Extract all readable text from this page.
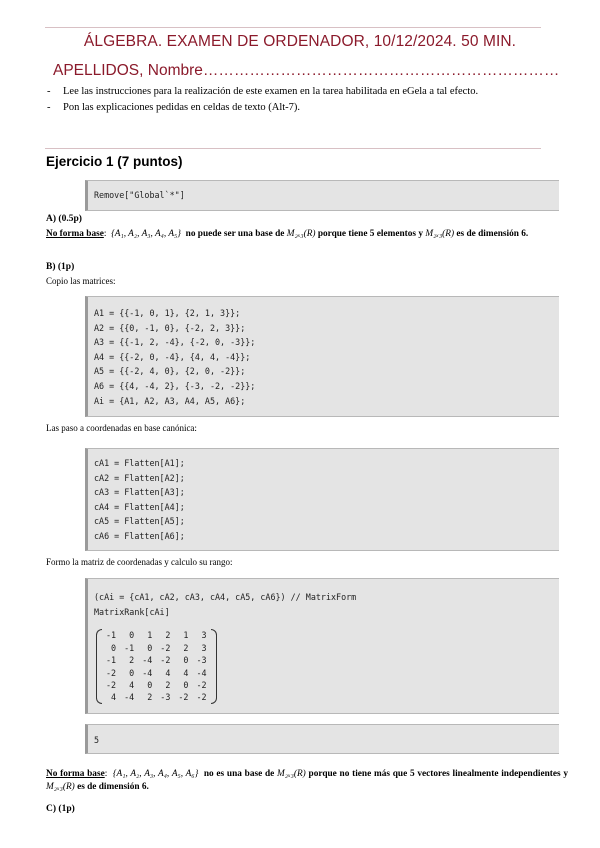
ÁLGEBRA. EXAMEN DE ORDENADOR, 10/12/2024. 50 MIN.
APELLIDOS, Nombre……………………………………………………………
- Lee las instrucciones para la realización de este examen en la tarea habilitada en eGela a tal efecto.
- Pon las explicaciones pedidas en celdas de texto (Alt-7).
Ejercicio 1 (7 puntos)
Remove["Global`*"]
A) (0.5p)
No forma base:  {A₁, A₂, A₃, A₄, A₅} no puede ser una base de M₂ₓ₃(R) porque tiene 5 elementos y M₂ₓ₃(R) es de dimensión 6.
B) (1p)
Copio las matrices:
A1 = {{-1, 0, 1}, {2, 1, 3}};
A2 = {{0, -1, 0}, {-2, 2, 3}};
A3 = {{-1, 2, -4}, {-2, 0, -3}};
A4 = {{-2, 0, -4}, {4, 4, -4}};
A5 = {{-2, 4, 0}, {2, 0, -2}};
A6 = {{4, -4, 2}, {-3, -2, -2}};
Ai = {A1, A2, A3, A4, A5, A6};
Las paso a coordenadas en base canónica:
cA1 = Flatten[A1];
cA2 = Flatten[A2];
cA3 = Flatten[A3];
cA4 = Flatten[A4];
cA5 = Flatten[A5];
cA6 = Flatten[A6];
Formo la matriz de coordenadas y calculo su rango:
(cAi = {cA1, cA2, cA3, cA4, cA5, cA6}) // MatrixForm
MatrixRank[cAi]
-1	0	1	2	1	3
0	-1	0	-2	2	3
-1	2	-4	-2	0	-3
-2	0	-4	4	4	-4
-2	4	0	2	0	-2
4	-4	2	-3	-2	-2
5
No forma base:  {A₁, A₂, A₃, A₄, A₅, A₆} no es una base de M₂ₓ₃(R) porque no tiene más que 5 vectores linealmente independientes y M₂ₓ₃(R) es de dimensión 6.
C) (1p)
